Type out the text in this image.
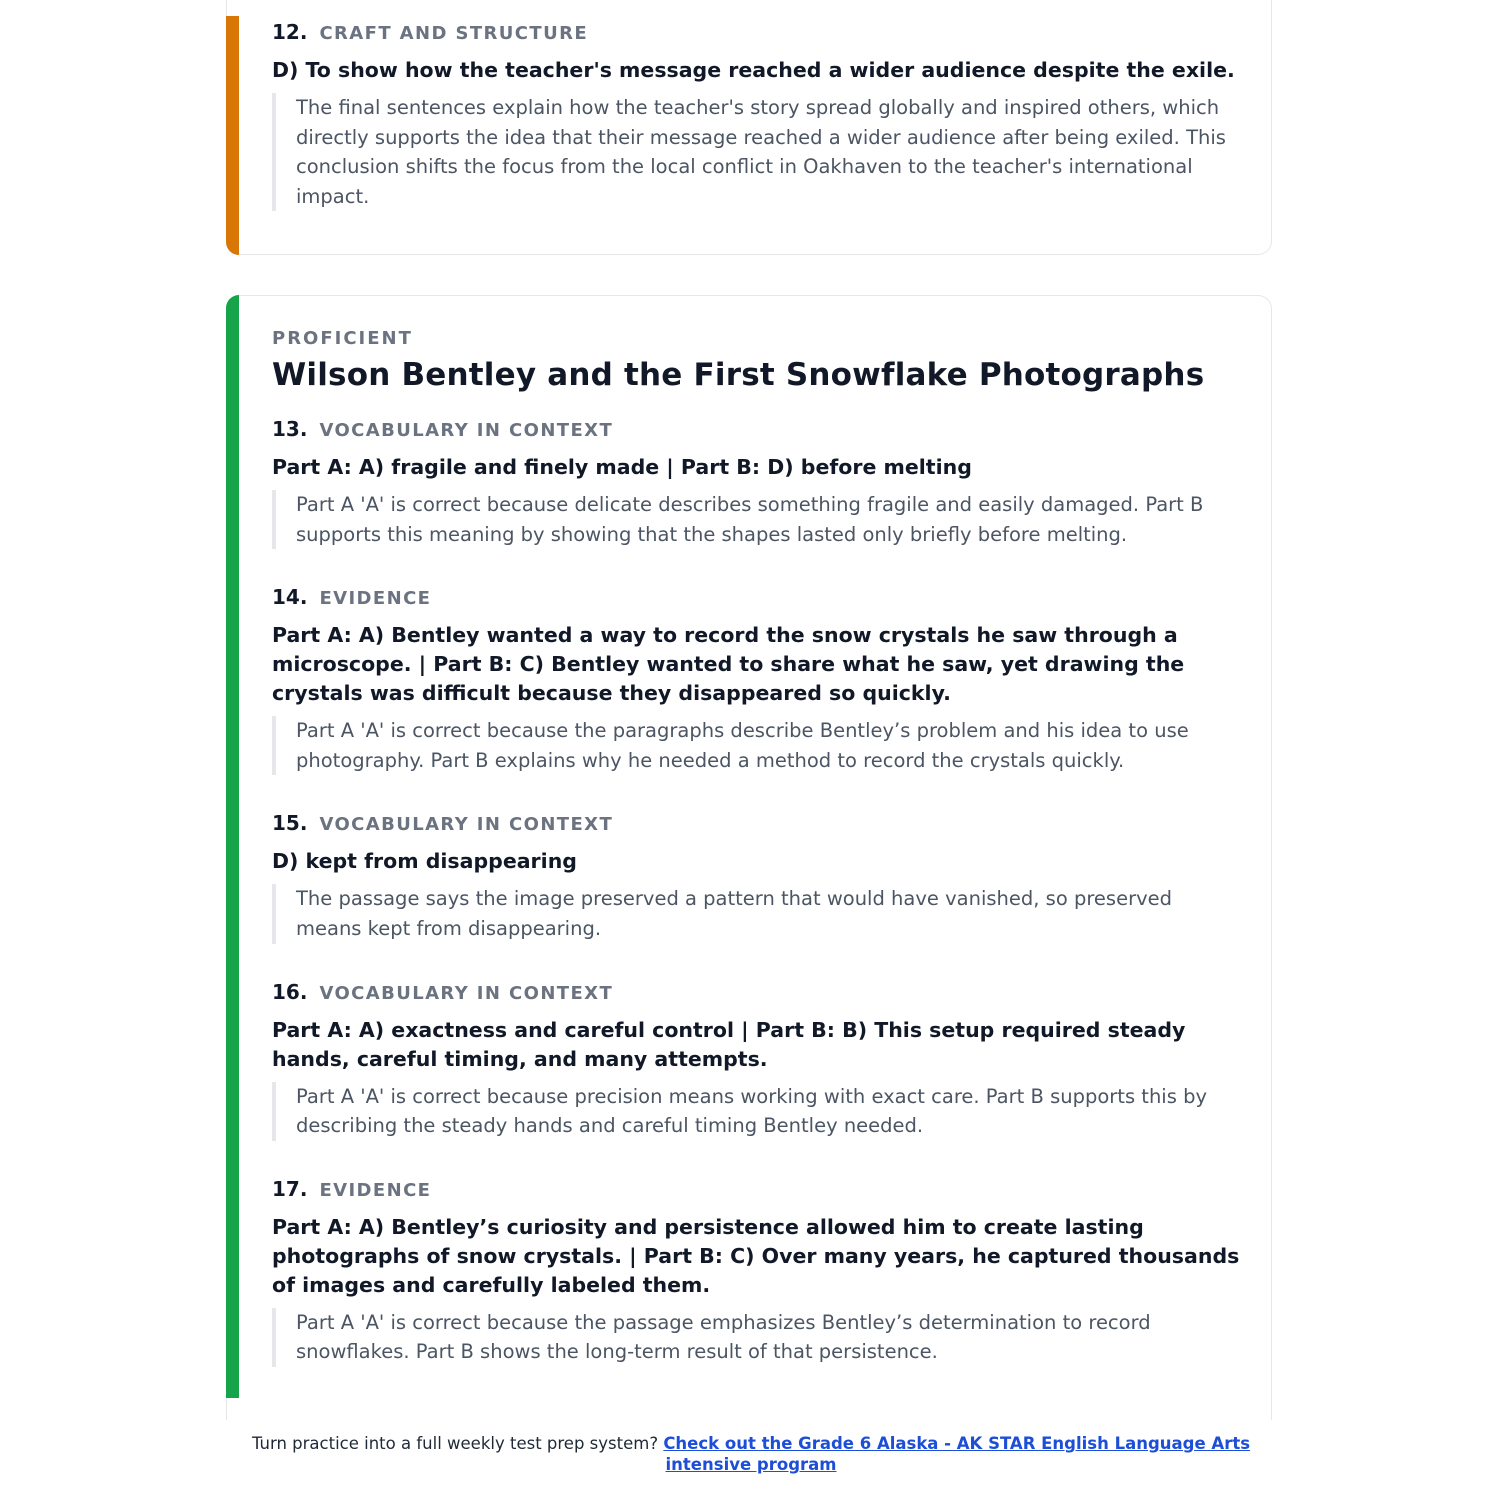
12. CRAFT AND STRUCTURE
D) To show how the teacher's message reached a wider audience despite the exile.
The final sentences explain how the teacher's story spread globally and inspired others, which directly supports the idea that their message reached a wider audience after being exiled. This conclusion shifts the focus from the local conflict in Oakhaven to the teacher's international impact.
PROFICIENT
Wilson Bentley and the First Snowflake Photographs
13. VOCABULARY IN CONTEXT
Part A: A) fragile and finely made | Part B: D) before melting
Part A 'A' is correct because delicate describes something fragile and easily damaged. Part B supports this meaning by showing that the shapes lasted only briefly before melting.
14. EVIDENCE
Part A: A) Bentley wanted a way to record the snow crystals he saw through a microscope. | Part B: C) Bentley wanted to share what he saw, yet drawing the crystals was difficult because they disappeared so quickly.
Part A 'A' is correct because the paragraphs describe Bentley’s problem and his idea to use photography. Part B explains why he needed a method to record the crystals quickly.
15. VOCABULARY IN CONTEXT
D) kept from disappearing
The passage says the image preserved a pattern that would have vanished, so preserved means kept from disappearing.
16. VOCABULARY IN CONTEXT
Part A: A) exactness and careful control | Part B: B) This setup required steady hands, careful timing, and many attempts.
Part A 'A' is correct because precision means working with exact care. Part B supports this by describing the steady hands and careful timing Bentley needed.
17. EVIDENCE
Part A: A) Bentley’s curiosity and persistence allowed him to create lasting photographs of snow crystals. | Part B: C) Over many years, he captured thousands of images and carefully labeled them.
Part A 'A' is correct because the passage emphasizes Bentley’s determination to record snowflakes. Part B shows the long-term result of that persistence.
Turn practice into a full weekly test prep system? Check out the Grade 6 Alaska - AK STAR English Language Arts intensive program
